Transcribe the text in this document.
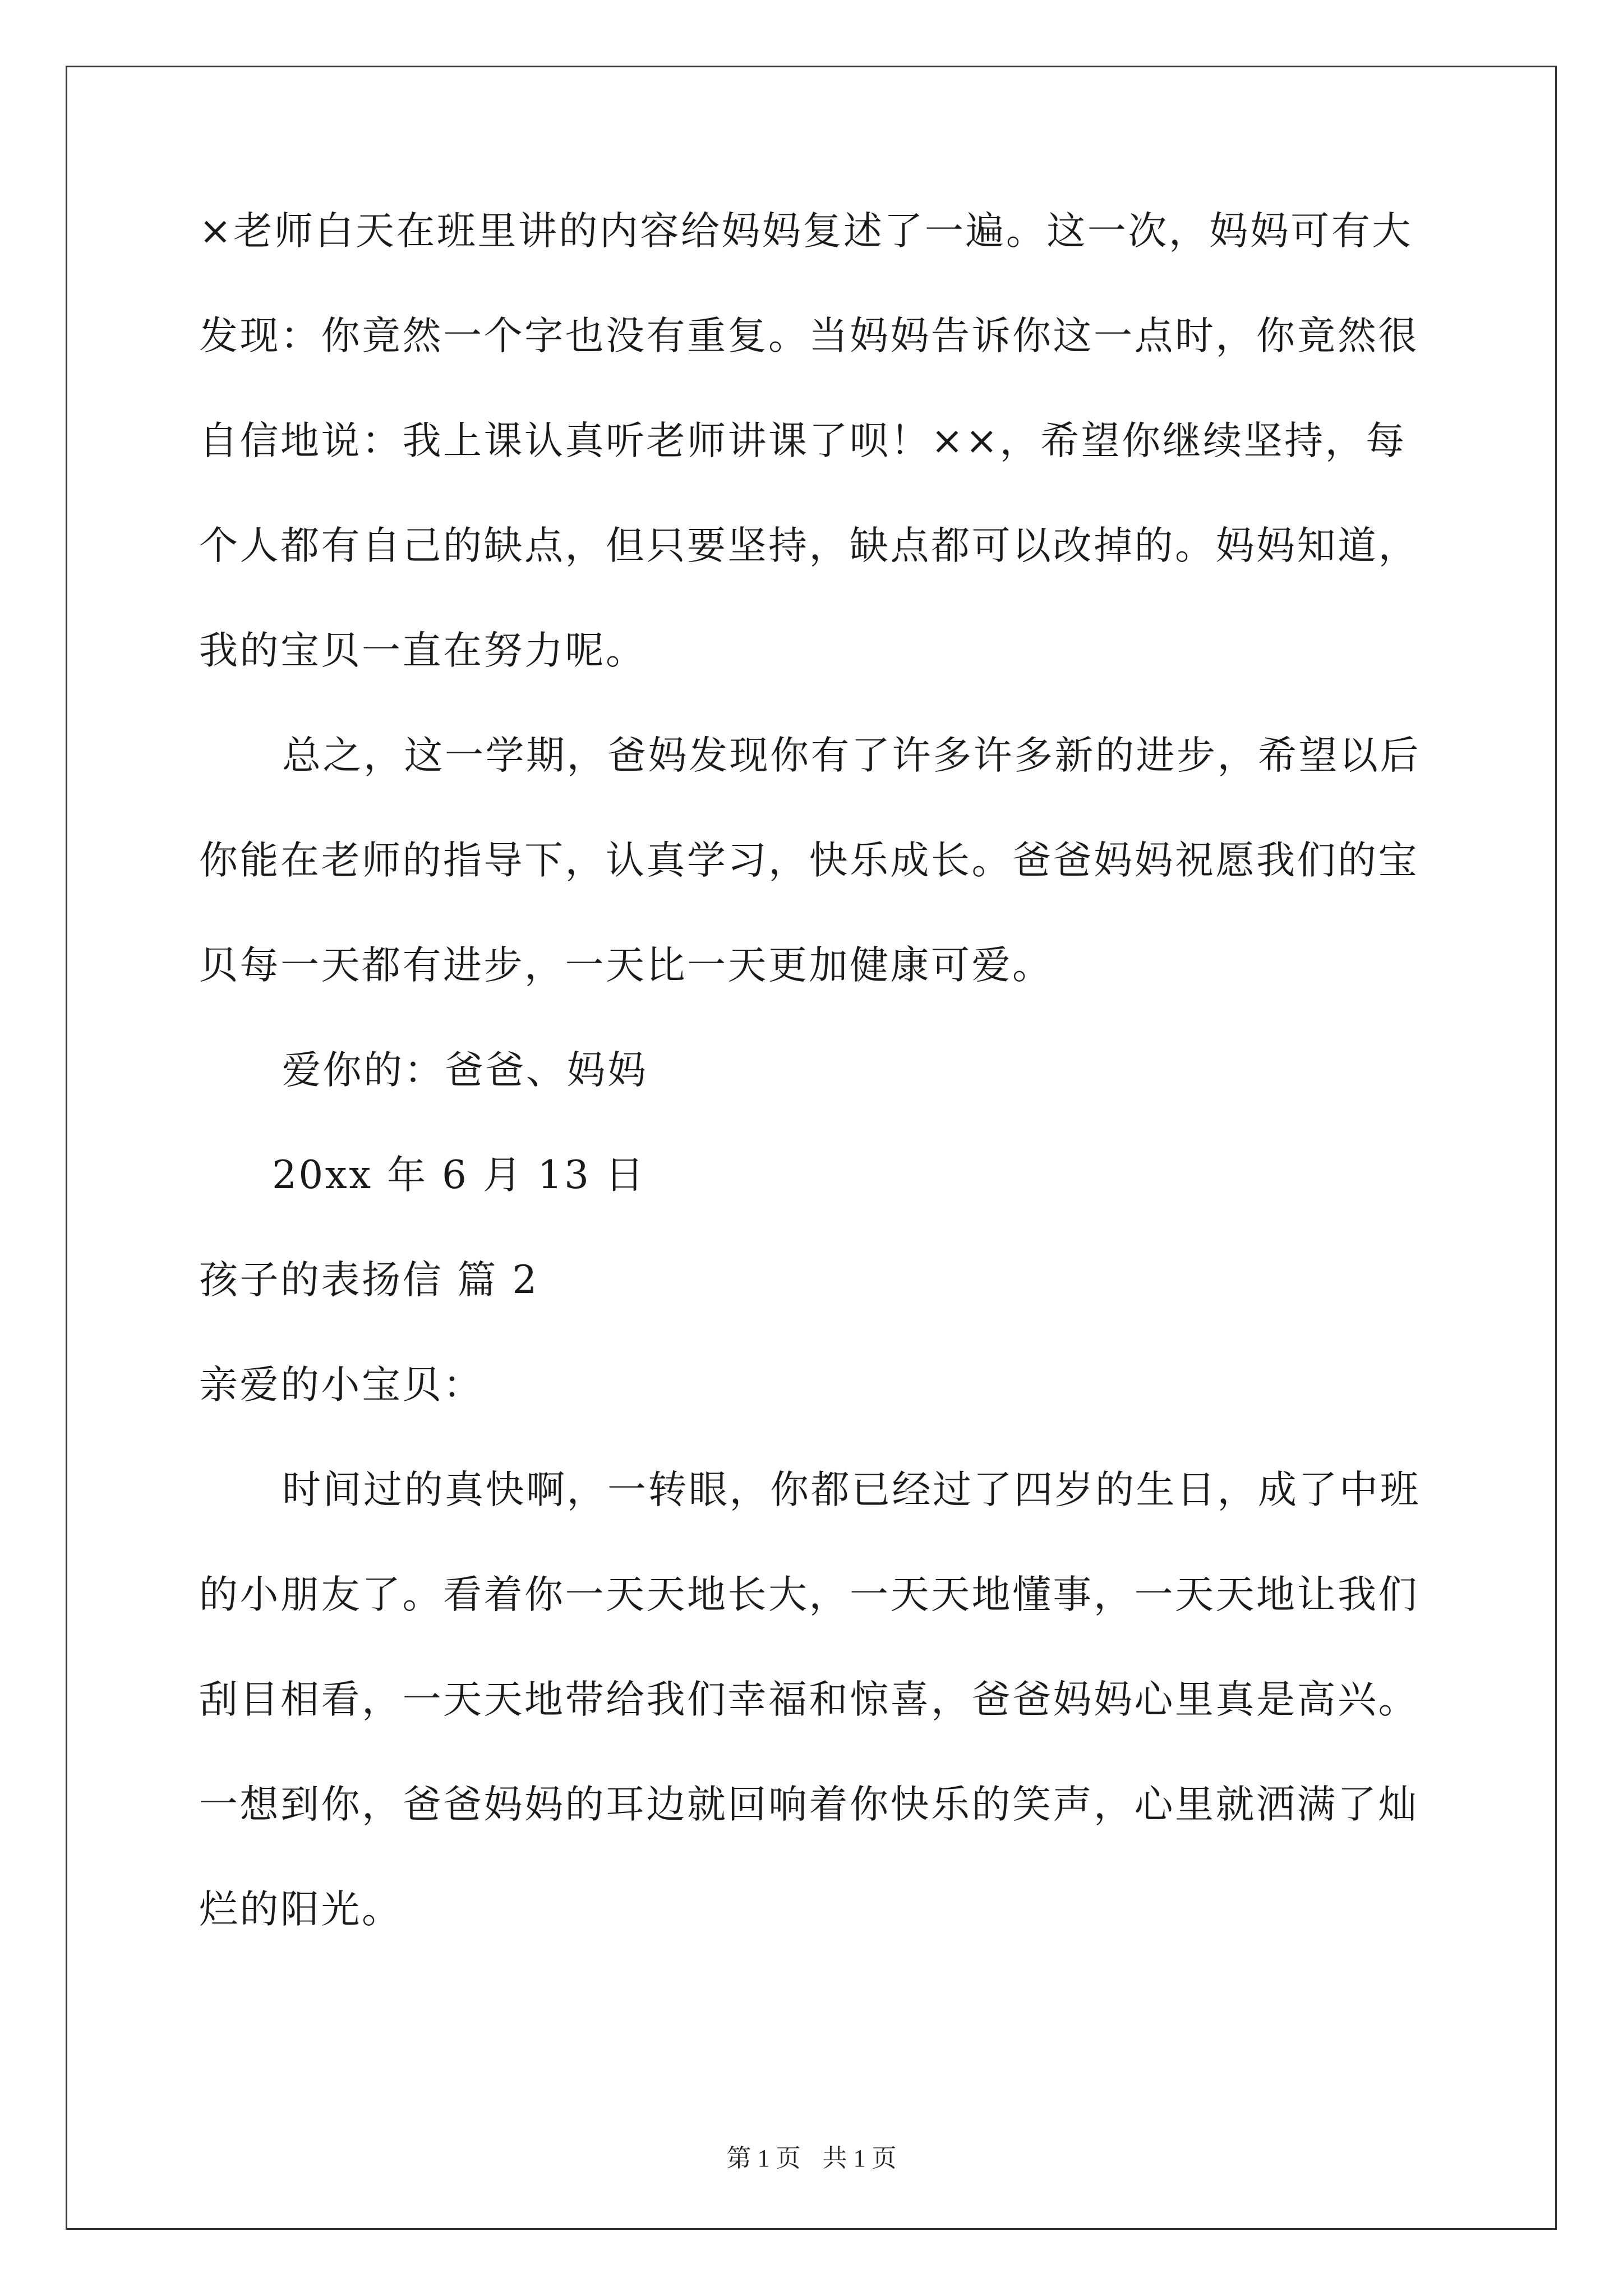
×老师白天在班里讲的内容给妈妈复述了一遍。这一次，妈妈可有大
发现：你竟然一个字也没有重复。当妈妈告诉你这一点时，你竟然很
自信地说：我上课认真听老师讲课了呗！××，希望你继续坚持，每
个人都有自己的缺点，但只要坚持，缺点都可以改掉的。妈妈知道，
我的宝贝一直在努力呢。
总之，这一学期，爸妈发现你有了许多许多新的进步，希望以后
你能在老师的指导下，认真学习，快乐成长。爸爸妈妈祝愿我们的宝
贝每一天都有进步，一天比一天更加健康可爱。
爱你的：爸爸、妈妈
20xx 年 6 月 13 日
孩子的表扬信 篇 2
亲爱的小宝贝：
时间过的真快啊，一转眼，你都已经过了四岁的生日，成了中班
的小朋友了。看着你一天天地长大，一天天地懂事，一天天地让我们
刮目相看，一天天地带给我们幸福和惊喜，爸爸妈妈心里真是高兴。
一想到你，爸爸妈妈的耳边就回响着你快乐的笑声，心里就洒满了灿
烂的阳光。
第 1 页 共 1 页
